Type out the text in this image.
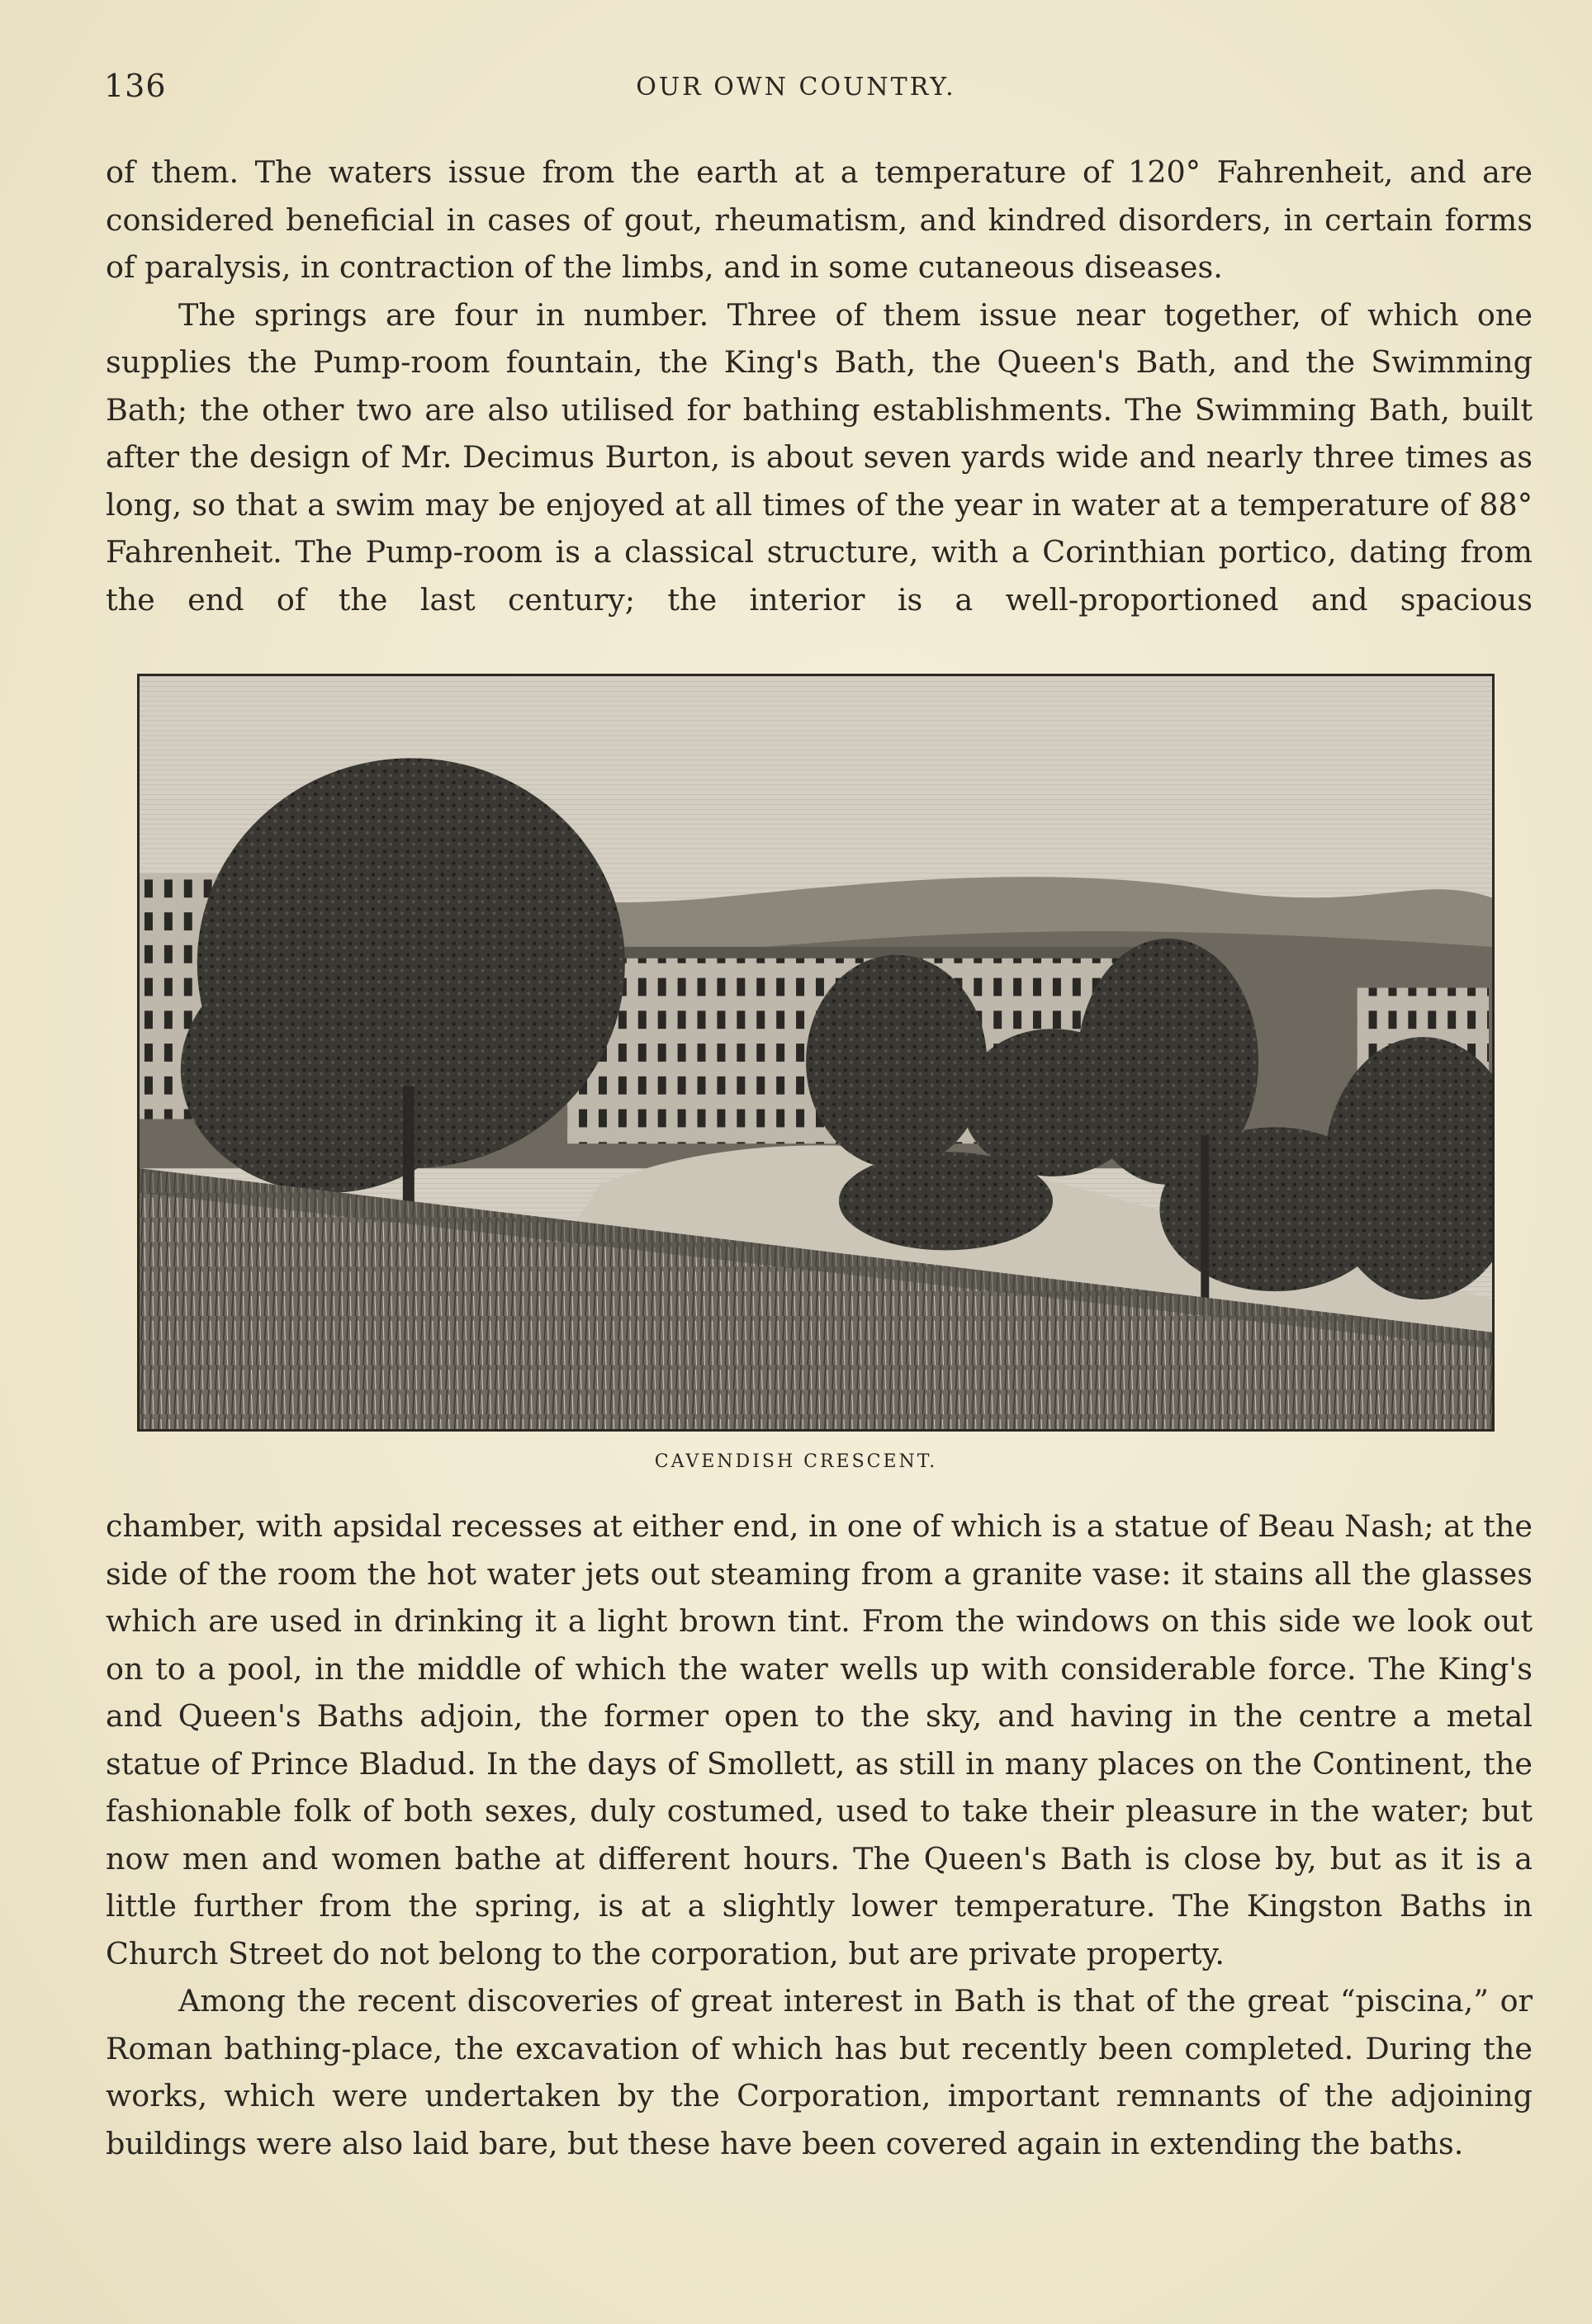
136	OUR OWN COUNTRY.

of them. The waters issue from the earth at a temperature of 120° Fahrenheit, and are considered beneficial in cases of gout, rheumatism, and kindred disorders, in certain forms of paralysis, in contraction of the limbs, and in some cutaneous diseases.

The springs are four in number. Three of them issue near together, of which one supplies the Pump-room fountain, the King's Bath, the Queen's Bath, and the Swimming Bath; the other two are also utilised for bathing establishments. The Swimming Bath, built after the design of Mr. Decimus Burton, is about seven yards wide and nearly three times as long, so that a swim may be enjoyed at all times of the year in water at a temperature of 88° Fahrenheit. The Pump-room is a classical structure, with a Corinthian portico, dating from the end of the last century; the interior is a well-proportioned and spacious

CAVENDISH CRESCENT.

chamber, with apsidal recesses at either end, in one of which is a statue of Beau Nash; at the side of the room the hot water jets out steaming from a granite vase: it stains all the glasses which are used in drinking it a light brown tint. From the windows on this side we look out on to a pool, in the middle of which the water wells up with considerable force. The King's and Queen's Baths adjoin, the former open to the sky, and having in the centre a metal statue of Prince Bladud. In the days of Smollett, as still in many places on the Continent, the fashionable folk of both sexes, duly costumed, used to take their pleasure in the water; but now men and women bathe at different hours. The Queen's Bath is close by, but as it is a little further from the spring, is at a slightly lower temperature. The Kingston Baths in Church Street do not belong to the corporation, but are private property.

Among the recent discoveries of great interest in Bath is that of the great “piscina,” or Roman bathing-place, the excavation of which has but recently been completed. During the works, which were undertaken by the Corporation, important remnants of the adjoining buildings were also laid bare, but these have been covered again in extending the baths.
